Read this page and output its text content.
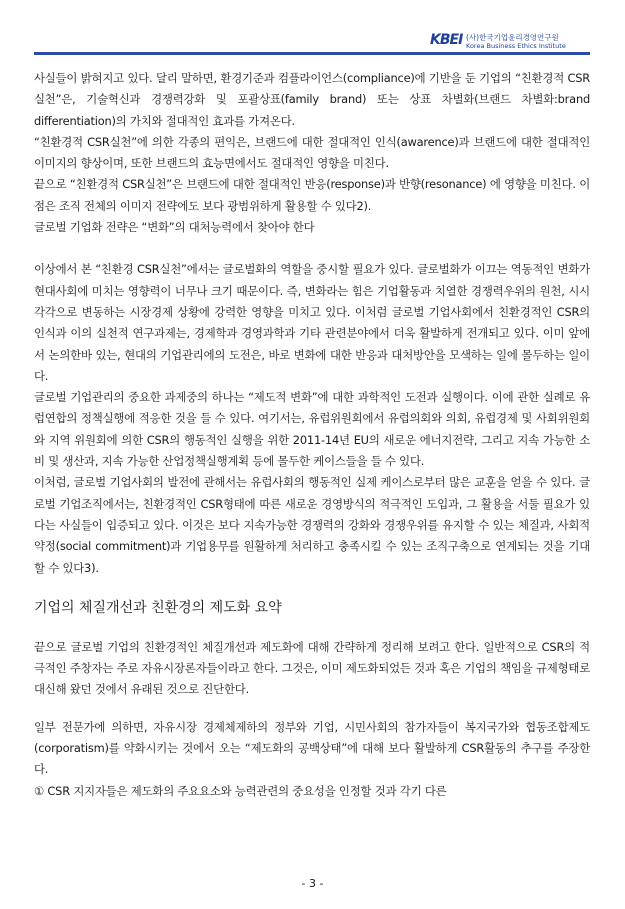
KBEI (사)한국기업윤리경영연구원
Korea Business Ethics Institute

사실들이 밝혀지고 있다. 달리 말하면, 환경기준과 컴플라이언스(compliance)에 기반을 둔 기업의 “친환경적 CSR실천”은, 기술혁신과 경쟁력강화 및 포괄상표(family brand) 또는 상표 차별화(브랜드 차별화:brand differentiation)의 가치와 절대적인 효과를 가져온다.

“친환경적 CSR실천”에 의한 각종의 편익은, 브랜드에 대한 절대적인 인식(awarence)과 브랜드에 대한 절대적인 이미지의 향상이며, 또한 브랜드의 효능면에서도 절대적인 영향을 미친다.

끝으로 “친환경적 CSR실천”은 브랜드에 대한 절대적인 반응(response)과 반향(resonance) 에 영향을 미친다. 이 점은 조직 전체의 이미지 전략에도 보다 광범위하게 활용할 수 있다2).

글로벌 기업화 전략은 “변화”의 대처능력에서 찾아야 한다

이상에서 본 “친환경 CSR실천”에서는 글로벌화의 역할을 중시할 필요가 있다. 글로벌화가 이끄는 역동적인 변화가 현대사회에 미치는 영향력이 너무나 크기 때문이다. 즉, 변화라는 힘은 기업활동과 치열한 경쟁력우위의 원천, 시시각각으로 변동하는 시장경제 상황에 강력한 영향을 미치고 있다. 이처럼 글로벌 기업사회에서 친환경적인 CSR의 인식과 이의 실천적 연구과제는, 경제학과 경영과학과 기타 관련분야에서 더욱 활발하게 전개되고 있다. 이미 앞에서 논의한바 있는, 현대의 기업관리에의 도전은, 바로 변화에 대한 반응과 대처방안을 모색하는 일에 몰두하는 일이다.

글로벌 기업관리의 중요한 과제중의 하나는 “제도적 변화”에 대한 과학적인 도전과 실행이다. 이에 관한 실례로 유럽연합의 정책실행에 적응한 것을 들 수 있다. 여기서는, 유럽위원회에서 유럽의회와 의회, 유럽경제 및 사회위원회와 지역 위원회에 의한 CSR의 행동적인 실행을 위한 2011-14년 EU의 새로운 에너지전략, 그리고 지속 가능한 소비 및 생산과, 지속 가능한 산업정책실행계획 등에 몰두한 케이스들을 들 수 있다.

이처럼, 글로벌 기업사회의 발전에 관해서는 유럽사회의 행동적인 실제 케이스로부터 많은 교훈을 얻을 수 있다. 글로벌 기업조직에서는, 친환경적인 CSR형태에 따른 새로운 경영방식의 적극적인 도입과, 그 활용을 서둘 필요가 있다는 사실들이 입증되고 있다. 이것은 보다 지속가능한 경쟁력의 강화와 경쟁우위를 유지할 수 있는 체질과, 사회적 약정(social commitment)과 기업용무를 원활하게 처리하고 충족시킬 수 있는 조직구축으로 연계되는 것을 기대할 수 있다3).

기업의 체질개선과 친환경의 제도화 요약

끝으로 글로벌 기업의 친환경적인 체질개선과 제도화에 대해 간략하게 정리해 보려고 한다. 일반적으로 CSR의 적극적인 주창자는 주로 자유시장론자들이라고 한다. 그것은, 이미 제도화되었든 것과 혹은 기업의 책임을 규제형태로 대신해 왔던 것에서 유래된 것으로 진단한다.

일부 전문가에 의하면, 자유시장 경제체제하의 정부와 기업, 시민사회의 참가자들이 복지국가와 협동조합제도(corporatism)를 약화시키는 것에서 오는 “제도화의 공백상태”에 대해 보다 활발하게 CSR활동의 추구를 주장한다.

① CSR 지지자들은 제도화의 주요요소와 능력관련의 중요성을 인정할 것과 각기 다른

- 3 -
